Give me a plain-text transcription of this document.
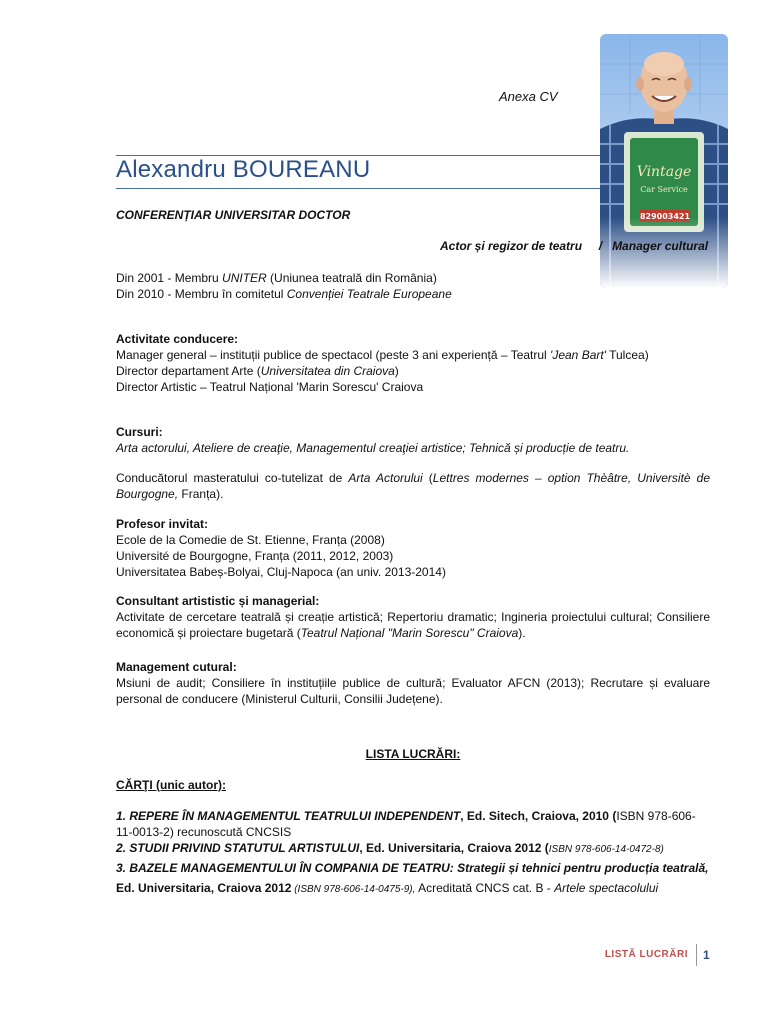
Anexa CV
Alexandru BOUREANU
CONFERENȚIAR UNIVERSITAR DOCTOR
Actor și regizor de teatru / Manager cultural
Din 2001 - Membru UNITER (Uniunea teatrală din România)
Din 2010 - Membru în comitetul Convenției Teatrale Europeane
Activitate conducere:
Manager general – instituții publice de spectacol (peste 3 ani experiență – Teatrul 'Jean Bart' Tulcea)
Director departament Arte (Universitatea din Craiova)
Director Artistic – Teatrul Național 'Marin Sorescu' Craiova
Cursuri:
Arta actorului, Ateliere de creaţie, Managementul creaţiei artistice; Tehnică și producție de teatru.
Conducătorul masteratului co-tutelizat de Arta Actorului (Lettres modernes – option Thèâtre, Universitè de Bourgogne, Franța).
Profesor invitat:
Ecole de la Comedie de St. Etienne, Franța (2008)
Université de Bourgogne, Franța (2011, 2012, 2003)
Universitatea Babeș-Bolyai, Cluj-Napoca (an univ. 2013-2014)
Consultant artististic și managerial:
Activitate de cercetare teatrală și creație artistică; Repertoriu dramatic; Ingineria proiectului cultural; Consiliere economică și proiectare bugetară (Teatrul Național "Marin Sorescu" Craiova).
Management cutural:
Msiuni de audit; Consiliere în instituțiile publice de cultură; Evaluator AFCN (2013); Recrutare și evaluare personal de conducere (Ministerul Culturii, Consilii Județene).
LISTA LUCRĂRI:
CĂRŢI (unic autor):
1. REPERE ÎN MANAGEMENTUL TEATRULUI INDEPENDENT, Ed. Sitech, Craiova, 2010 (ISBN 978-606-11-0013-2) recunoscută CNCSIS
2. STUDII PRIVIND STATUTUL ARTISTULUI, Ed. Universitaria, Craiova 2012 (ISBN 978-606-14-0472-8)
3. BAZELE MANAGEMENTULUI ÎN COMPANIA DE TEATRU: Strategii și tehnici pentru producția teatrală,
Ed. Universitaria, Craiova 2012 (ISBN 978-606-14-0475-9), Acreditată CNCS cat. B - Artele spectacolului
LISTĂ LUCRĂRI 1
